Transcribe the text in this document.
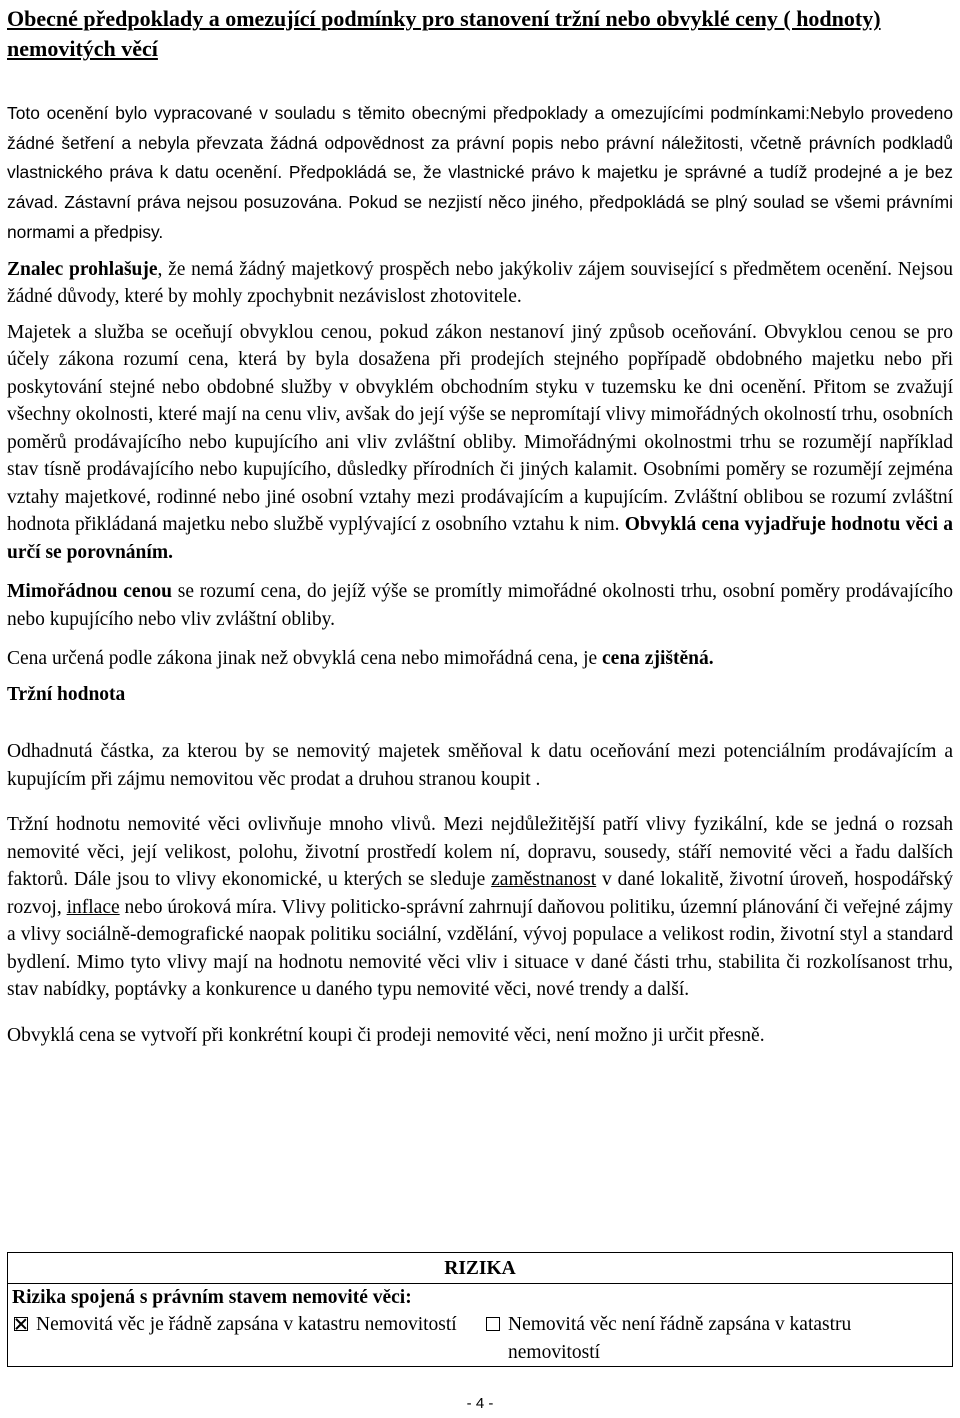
Obecné předpoklady a omezující podmínky pro stanovení tržní nebo obvyklé ceny ( hodnoty) nemovitých věcí

Toto ocenění bylo vypracované v souladu s těmito obecnými předpoklady a omezujícími podmínkami:Nebylo provedeno žádné šetření a nebyla převzata žádná odpovědnost za právní popis nebo právní náležitosti, včetně právních podkladů vlastnického práva k datu ocenění. Předpokládá se, že vlastnické právo k majetku je správné a tudíž prodejné a je bez závad. Zástavní práva nejsou posuzována. Pokud se nezjistí něco jiného, předpokládá se plný soulad se všemi právními normami a předpisy.

Znalec prohlašuje, že nemá žádný majetkový prospěch nebo jakýkoliv zájem související s předmětem ocenění. Nejsou žádné důvody, které by mohly zpochybnit nezávislost zhotovitele.

Majetek a služba se oceňují obvyklou cenou, pokud zákon nestanoví jiný způsob oceňování. Obvyklou cenou se pro účely zákona rozumí cena, která by byla dosažena při prodejích stejného popřípadě obdobného majetku nebo při poskytování stejné nebo obdobné služby v obvyklém obchodním styku v tuzemsku ke dni ocenění. Přitom se zvažují všechny okolnosti, které mají na cenu vliv, avšak do její výše se nepromítají vlivy mimořádných okolností trhu, osobních poměrů prodávajícího nebo kupujícího ani vliv zvláštní obliby. Mimořádnými okolnostmi trhu se rozumějí například stav tísně prodávajícího nebo kupujícího, důsledky přírodních či jiných kalamit. Osobními poměry se rozumějí zejména vztahy majetkové, rodinné nebo jiné osobní vztahy mezi prodávajícím a kupujícím. Zvláštní oblibou se rozumí zvláštní hodnota přikládaná majetku nebo službě vyplývající z osobního vztahu k nim. Obvyklá cena vyjadřuje hodnotu věci a určí se porovnáním.

Mimořádnou cenou se rozumí cena, do jejíž výše se promítly mimořádné okolnosti trhu, osobní poměry prodávajícího nebo kupujícího nebo vliv zvláštní obliby.

Cena určená podle zákona jinak než obvyklá cena nebo mimořádná cena, je cena zjištěná.

Tržní hodnota

Odhadnutá částka, za kterou by se nemovitý majetek směňoval k datu oceňování mezi potenciálním prodávajícím a kupujícím při zájmu nemovitou věc prodat a druhou stranou koupit .

Tržní hodnotu nemovité věci ovlivňuje mnoho vlivů. Mezi nejdůležitější patří vlivy fyzikální, kde se jedná o rozsah nemovité věci, její velikost, polohu, životní prostředí kolem ní, dopravu, sousedy, stáří nemovité věci a řadu dalších faktorů. Dále jsou to vlivy ekonomické, u kterých se sleduje zaměstnanost v dané lokalitě, životní úroveň, hospodářský rozvoj, inflace nebo úroková míra. Vlivy politicko-správní zahrnují daňovou politiku, územní plánování či veřejné zájmy a vlivy sociálně-demografické naopak politiku sociální, vzdělání, vývoj populace a velikost rodin, životní styl a standard bydlení. Mimo tyto vlivy mají na hodnotu nemovité věci vliv i situace v dané části trhu, stabilita či rozkolísanost trhu, stav nabídky, poptávky a konkurence u daného typu nemovité věci, nové trendy a další.

Obvyklá cena se vytvoří při konkrétní koupi či prodeji nemovité věci, není možno ji určit přesně.

RIZIKA
Rizika spojená s právním stavem nemovité věci:

Nemovitá věc je řádně zapsána v katastru nemovitostí	Nemovitá věc není řádně zapsána v katastru nemovitostí
- 4 -
